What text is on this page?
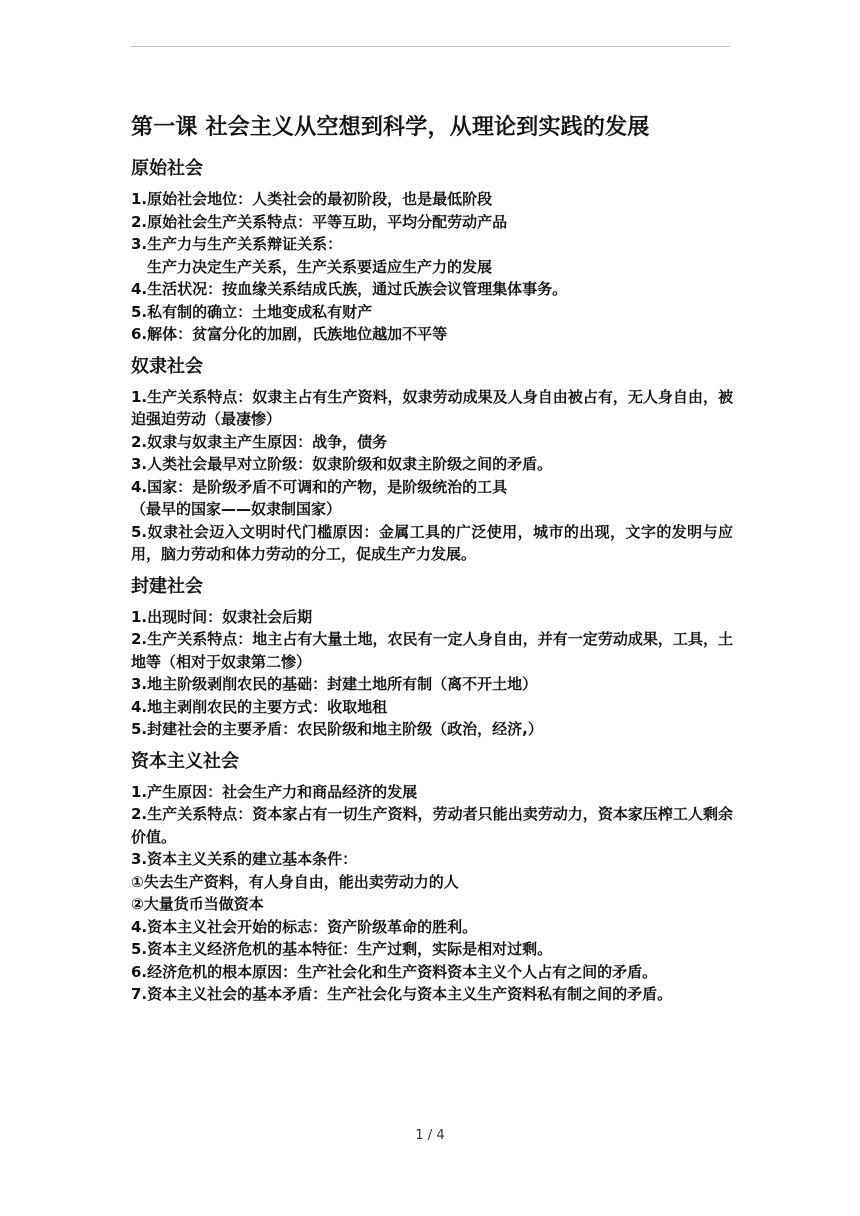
第一课 社会主义从空想到科学，从理论到实践的发展
原始社会

1.原始社会地位：人类社会的最初阶段，也是最低阶段

2.原始社会生产关系特点：平等互助，平均分配劳动产品

3.生产力与生产关系辩证关系：

生产力决定生产关系，生产关系要适应生产力的发展

4.生活状况：按血缘关系结成氏族，通过氏族会议管理集体事务。

5.私有制的确立：土地变成私有财产

6.解体：贫富分化的加剧，氏族地位越加不平等

奴隶社会

1.生产关系特点：奴隶主占有生产资料，奴隶劳动成果及人身自由被占有，无人身自由，被迫强迫劳动（最凄惨）

2.奴隶与奴隶主产生原因：战争，债务

3.人类社会最早对立阶级：奴隶阶级和奴隶主阶级之间的矛盾。

4.国家：是阶级矛盾不可调和的产物，是阶级统治的工具

（最早的国家——奴隶制国家）

5.奴隶社会迈入文明时代门槛原因：金属工具的广泛使用，城市的出现，文字的发明与应用，脑力劳动和体力劳动的分工，促成生产力发展。

封建社会

1.出现时间：奴隶社会后期

2.生产关系特点：地主占有大量土地，农民有一定人身自由，并有一定劳动成果，工具，土地等（相对于奴隶第二惨）

3.地主阶级剥削农民的基础：封建土地所有制（离不开土地）

4.地主剥削农民的主要方式：收取地租

5.封建社会的主要矛盾：农民阶级和地主阶级（政治，经济,）

资本主义社会

1.产生原因：社会生产力和商品经济的发展

2.生产关系特点：资本家占有一切生产资料，劳动者只能出卖劳动力，资本家压榨工人剩余价值。

3.资本主义关系的建立基本条件：

①失去生产资料，有人身自由，能出卖劳动力的人

②大量货币当做资本

4.资本主义社会开始的标志：资产阶级革命的胜利。

5.资本主义经济危机的基本特征：生产过剩，实际是相对过剩。

6.经济危机的根本原因：生产社会化和生产资料资本主义个人占有之间的矛盾。

7.资本主义社会的基本矛盾：生产社会化与资本主义生产资料私有制之间的矛盾。

1 / 4
